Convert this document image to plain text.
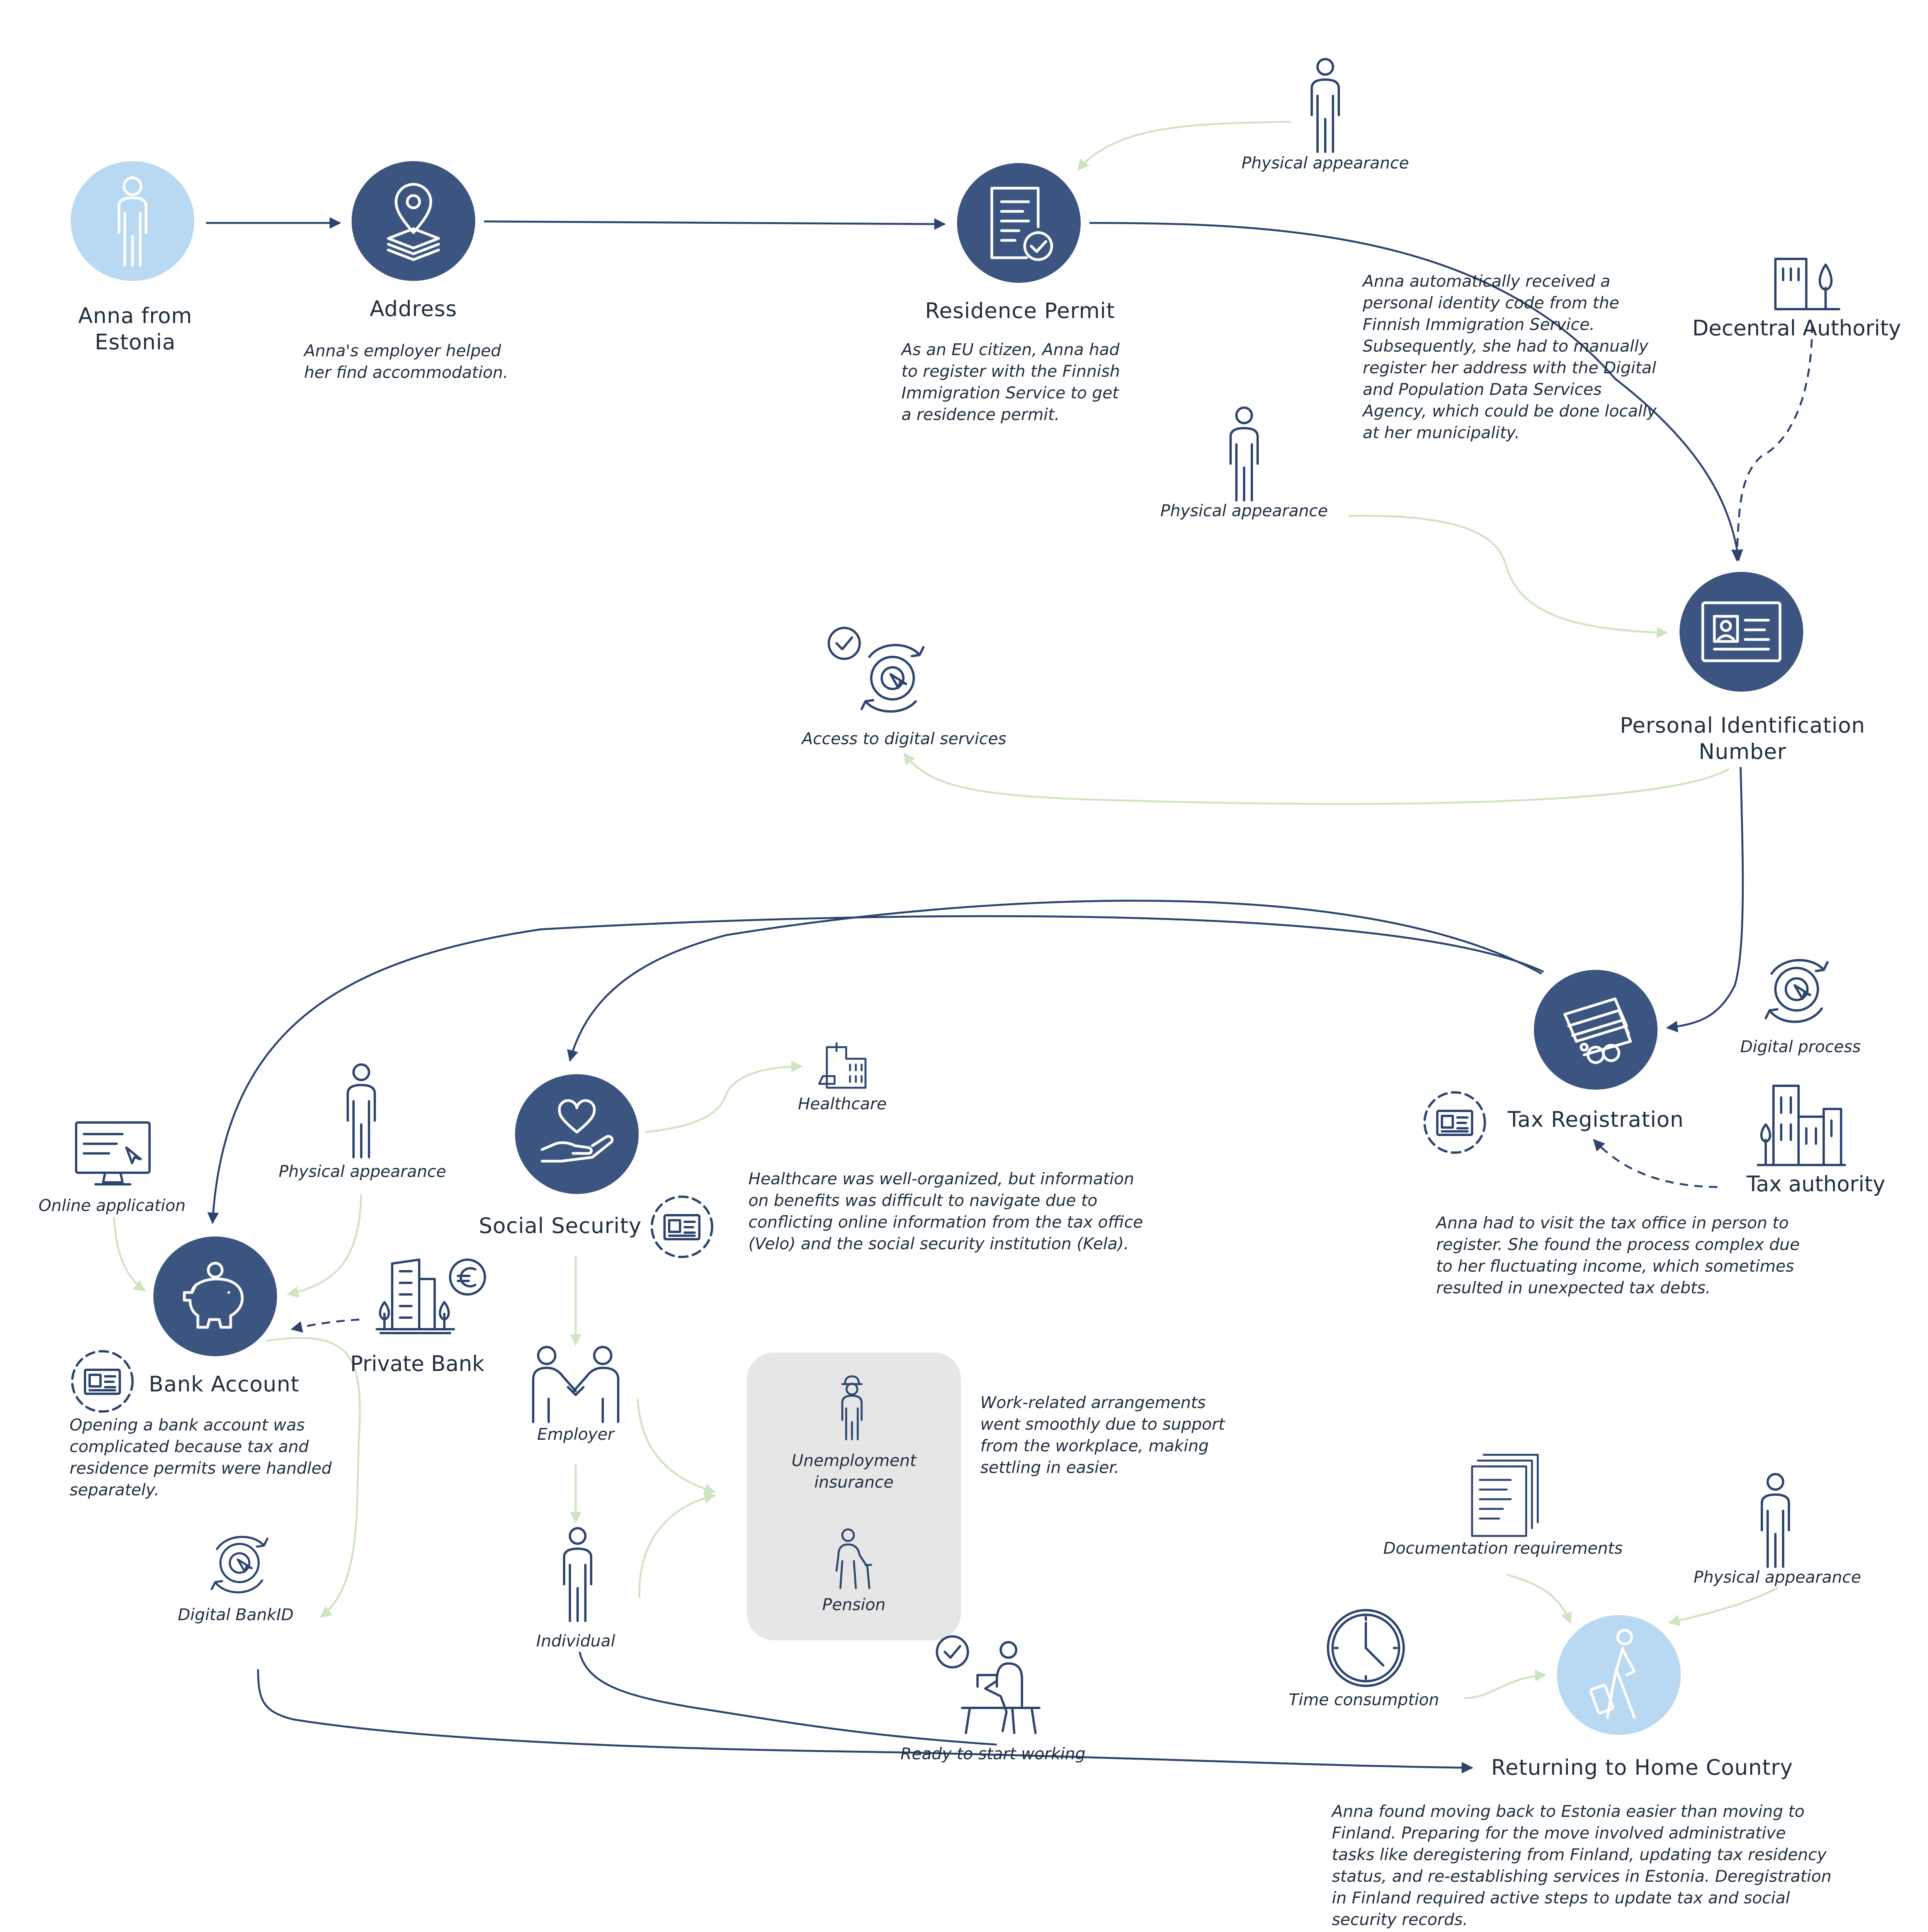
Anna from
Estonia
Address
Anna's employer helped
her find accommodation.
Residence Permit
As an EU citizen, Anna had
to register with the Finnish
Immigration Service to get
a residence permit.
Personal Identification
Number
Anna automatically received a
personal identity code from the
Finnish Immigration Service.
Subsequently, she had to manually
register her address with the Digital
and Population Data Services
Agency, which could be done locally
at her municipality.
Tax Registration
Anna had to visit the tax office in person to
register. She found the process complex due
to her fluctuating income, which sometimes
resulted in unexpected tax debts.
Social Security
Healthcare was well-organized, but information
on benefits was difficult to navigate due to
conflicting online information from the tax office
(Velo) and the social security institution (Kela).
Bank Account
Opening a bank account was
complicated because tax and
residence permits were handled
separately.
Returning to Home Country
Anna found moving back to Estonia easier than moving to
Finland. Preparing for the move involved administrative
tasks like deregistering from Finland, updating tax residency
status, and re-establishing services in Estonia. Deregistration
in Finland required active steps to update tax and social
security records.
Physical appearance
Physical appearance
Decentral Authority
Access to digital services
Digital process
Tax authority
Healthcare
Online application
Physical appearance
Private Bank
Digital BankID
Employer
Individual
Unemployment
insurance
Pension
Work-related arrangements
went smoothly due to support
from the workplace, making
settling in easier.
Ready to start working
Documentation requirements
Physical appearance
Time consumption
